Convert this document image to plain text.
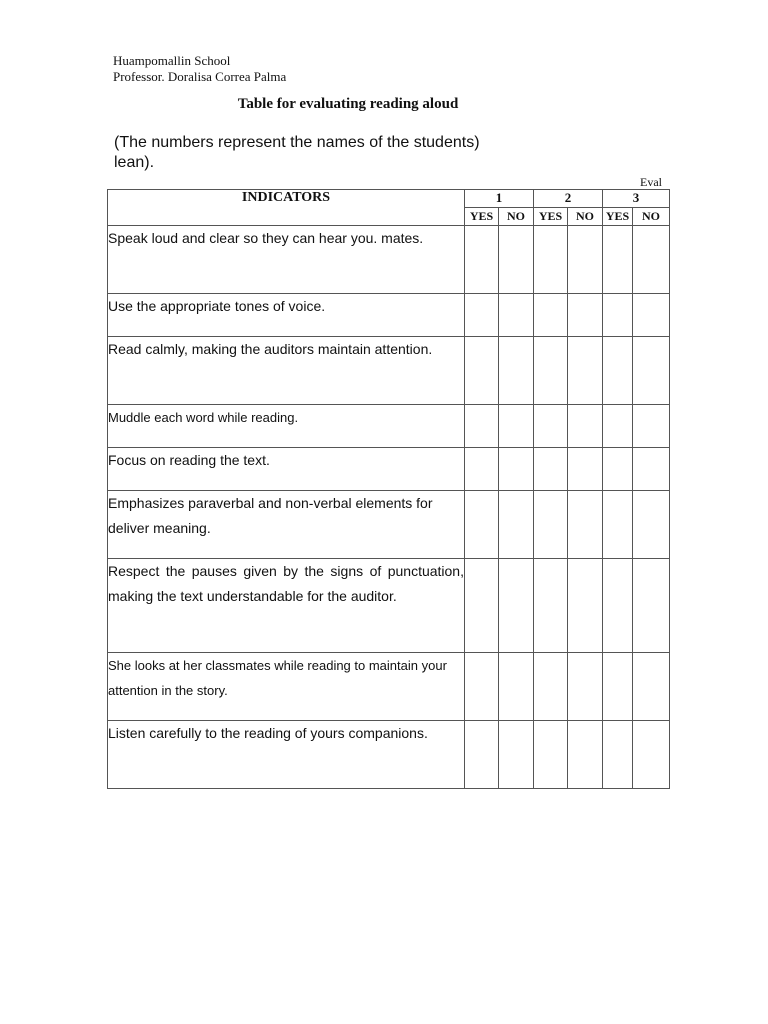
Huampomallin School
Professor. Doralisa Correa Palma
Table for evaluating reading aloud
(The numbers represent the names of the students)
lean).
Eval
INDICATORS	1		2		3	
	YES	NO	YES	NO	YES	NO
Speak loud and clear so they can hear you. mates.						
Use the appropriate tones of voice.						
Read calmly, making the auditors maintain attention.						
Muddle each word while reading.						
Focus on reading the text.						
Emphasizes paraverbal and non-verbal elements for deliver meaning.						
Respect the pauses given by the signs of punctuation, making the text understandable for the auditor.						
She looks at her classmates while reading to maintain your attention in the story.						
Listen carefully to the reading of yours companions.						
